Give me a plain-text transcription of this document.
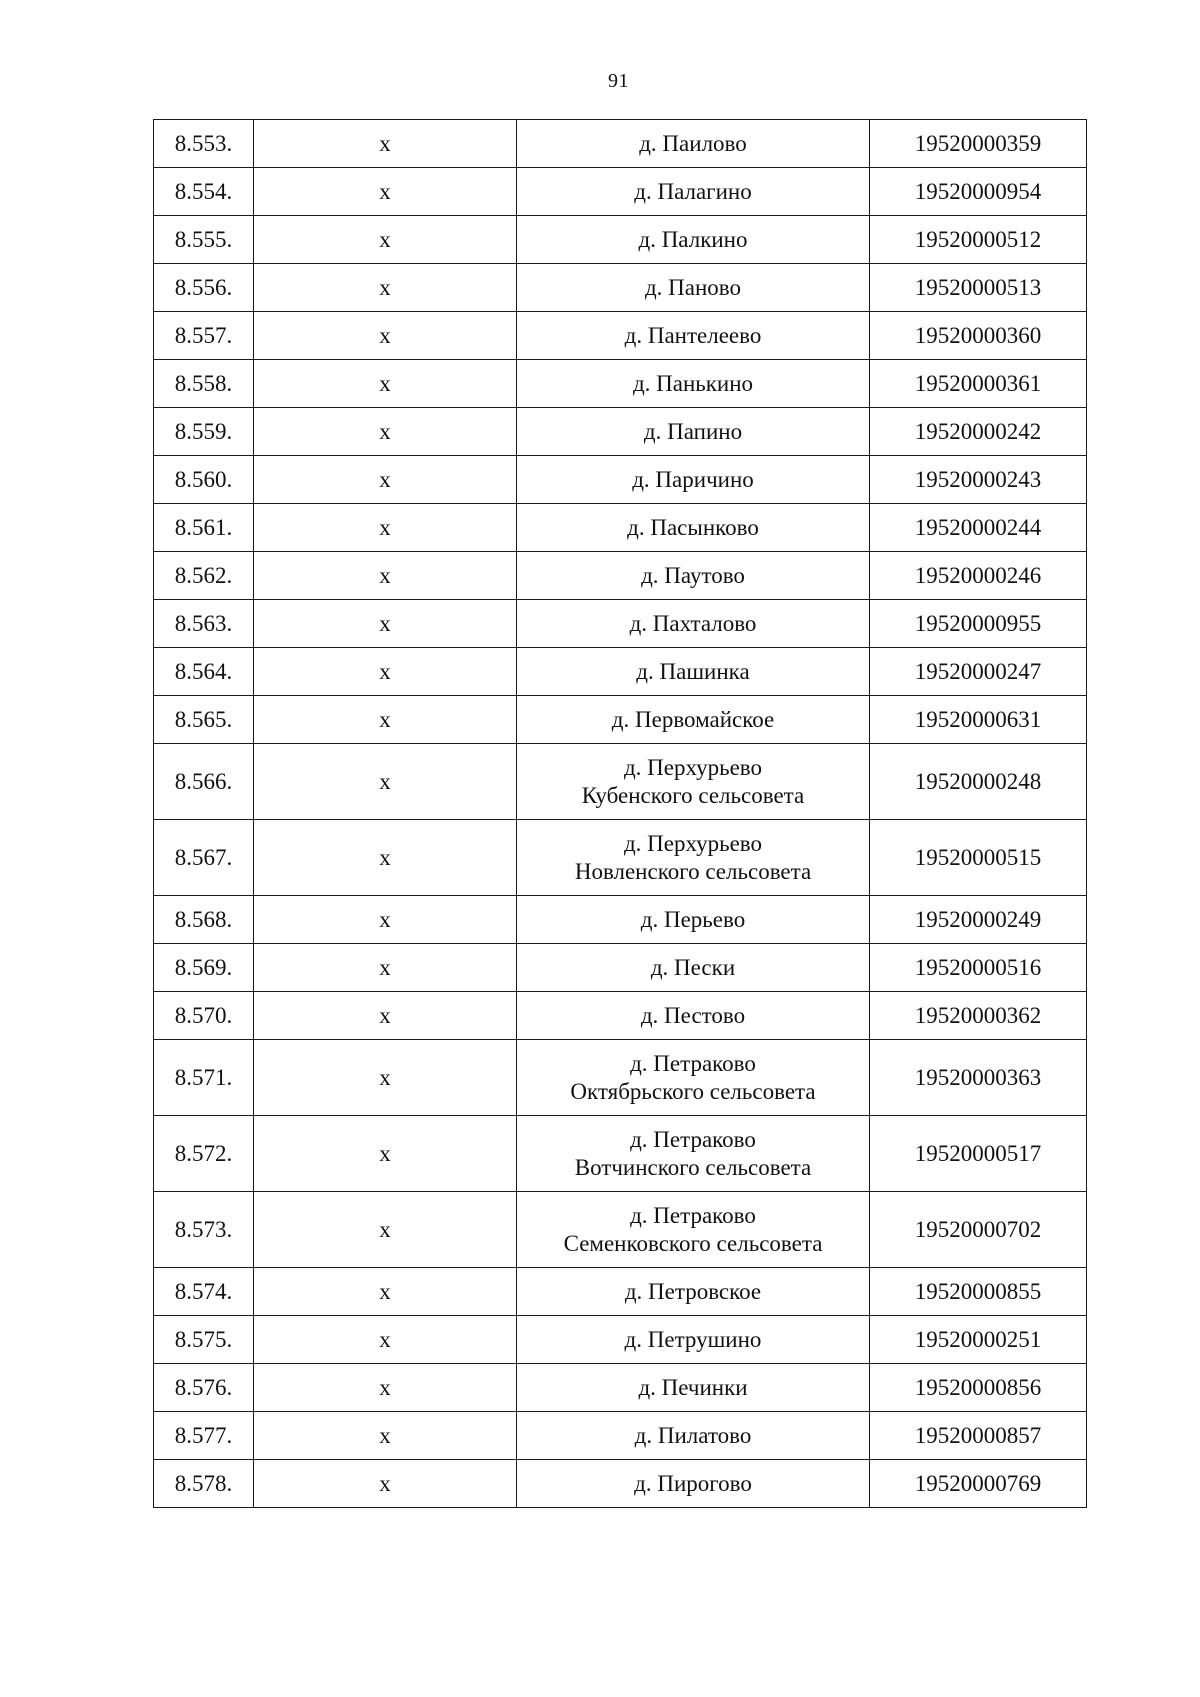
91
8.553.	х	д. Паилово	19520000359
8.554.	х	д. Палагино	19520000954
8.555.	х	д. Палкино	19520000512
8.556.	х	д. Паново	19520000513
8.557.	х	д. Пантелеево	19520000360
8.558.	х	д. Панькино	19520000361
8.559.	х	д. Папино	19520000242
8.560.	х	д. Паричино	19520000243
8.561.	х	д. Пасынково	19520000244
8.562.	х	д. Паутово	19520000246
8.563.	х	д. Пахталово	19520000955
8.564.	х	д. Пашинка	19520000247
8.565.	х	д. Первомайское	19520000631
8.566.	х	д. Перхурьево
Кубенского сельсовета	19520000248
8.567.	х	д. Перхурьево
Новленского сельсовета	19520000515
8.568.	х	д. Перьево	19520000249
8.569.	х	д. Пески	19520000516
8.570.	х	д. Пестово	19520000362
8.571.	х	д. Петраково
Октябрьского сельсовета	19520000363
8.572.	х	д. Петраково
Вотчинского сельсовета	19520000517
8.573.	х	д. Петраково
Семенковского сельсовета	19520000702
8.574.	х	д. Петровское	19520000855
8.575.	х	д. Петрушино	19520000251
8.576.	х	д. Печинки	19520000856
8.577.	х	д. Пилатово	19520000857
8.578.	х	д. Пирогово	19520000769
